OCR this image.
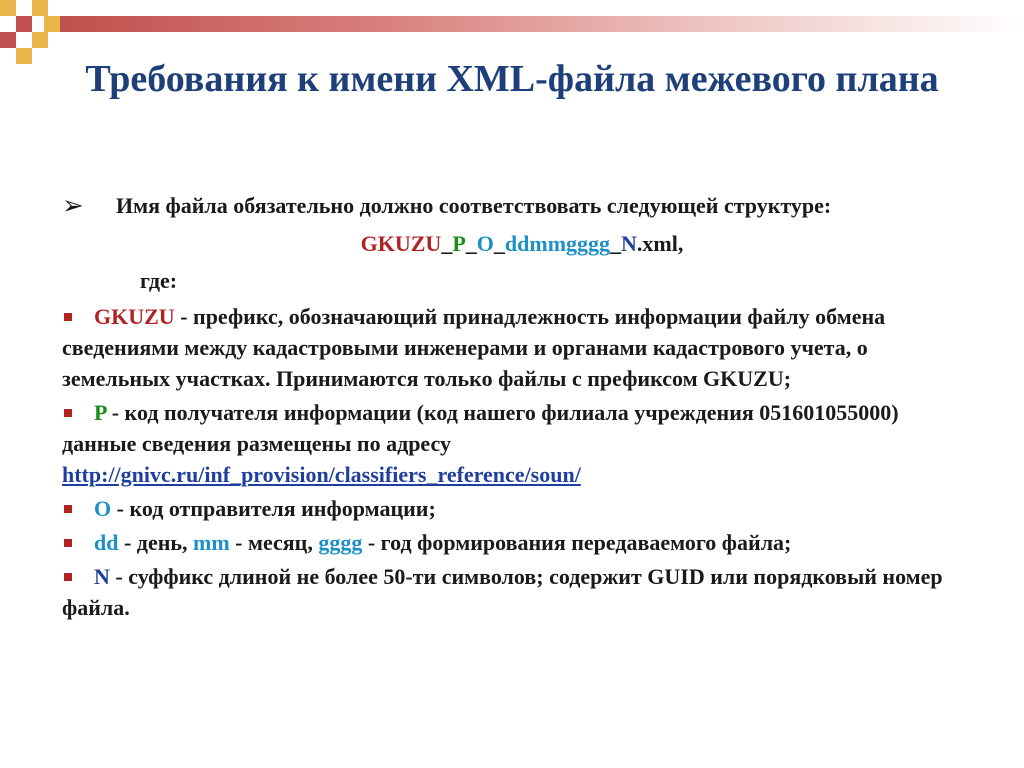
Требования к имени XML-файла межевого плана
➢	Имя файла обязательно должно соответствовать следующей структуре:
GKUZU_P_O_ddmmgggg_N.xml,
где:
GKUZU - префикс, обозначающий принадлежность информации файлу обмена сведениями между кадастровыми инженерами и органами кадастрового учета, о земельных участках. Принимаются только файлы с префиксом GKUZU;
P - код получателя информации (код нашего филиала учреждения 051601055000) данные сведения размещены по адресу
http://gnivc.ru/inf_provision/classifiers_reference/soun/
O - код отправителя информации;
dd - день, mm - месяц, gggg - год формирования передаваемого файла;
N - суффикс длиной не более 50-ти символов; содержит GUID или порядковый номер файла.
